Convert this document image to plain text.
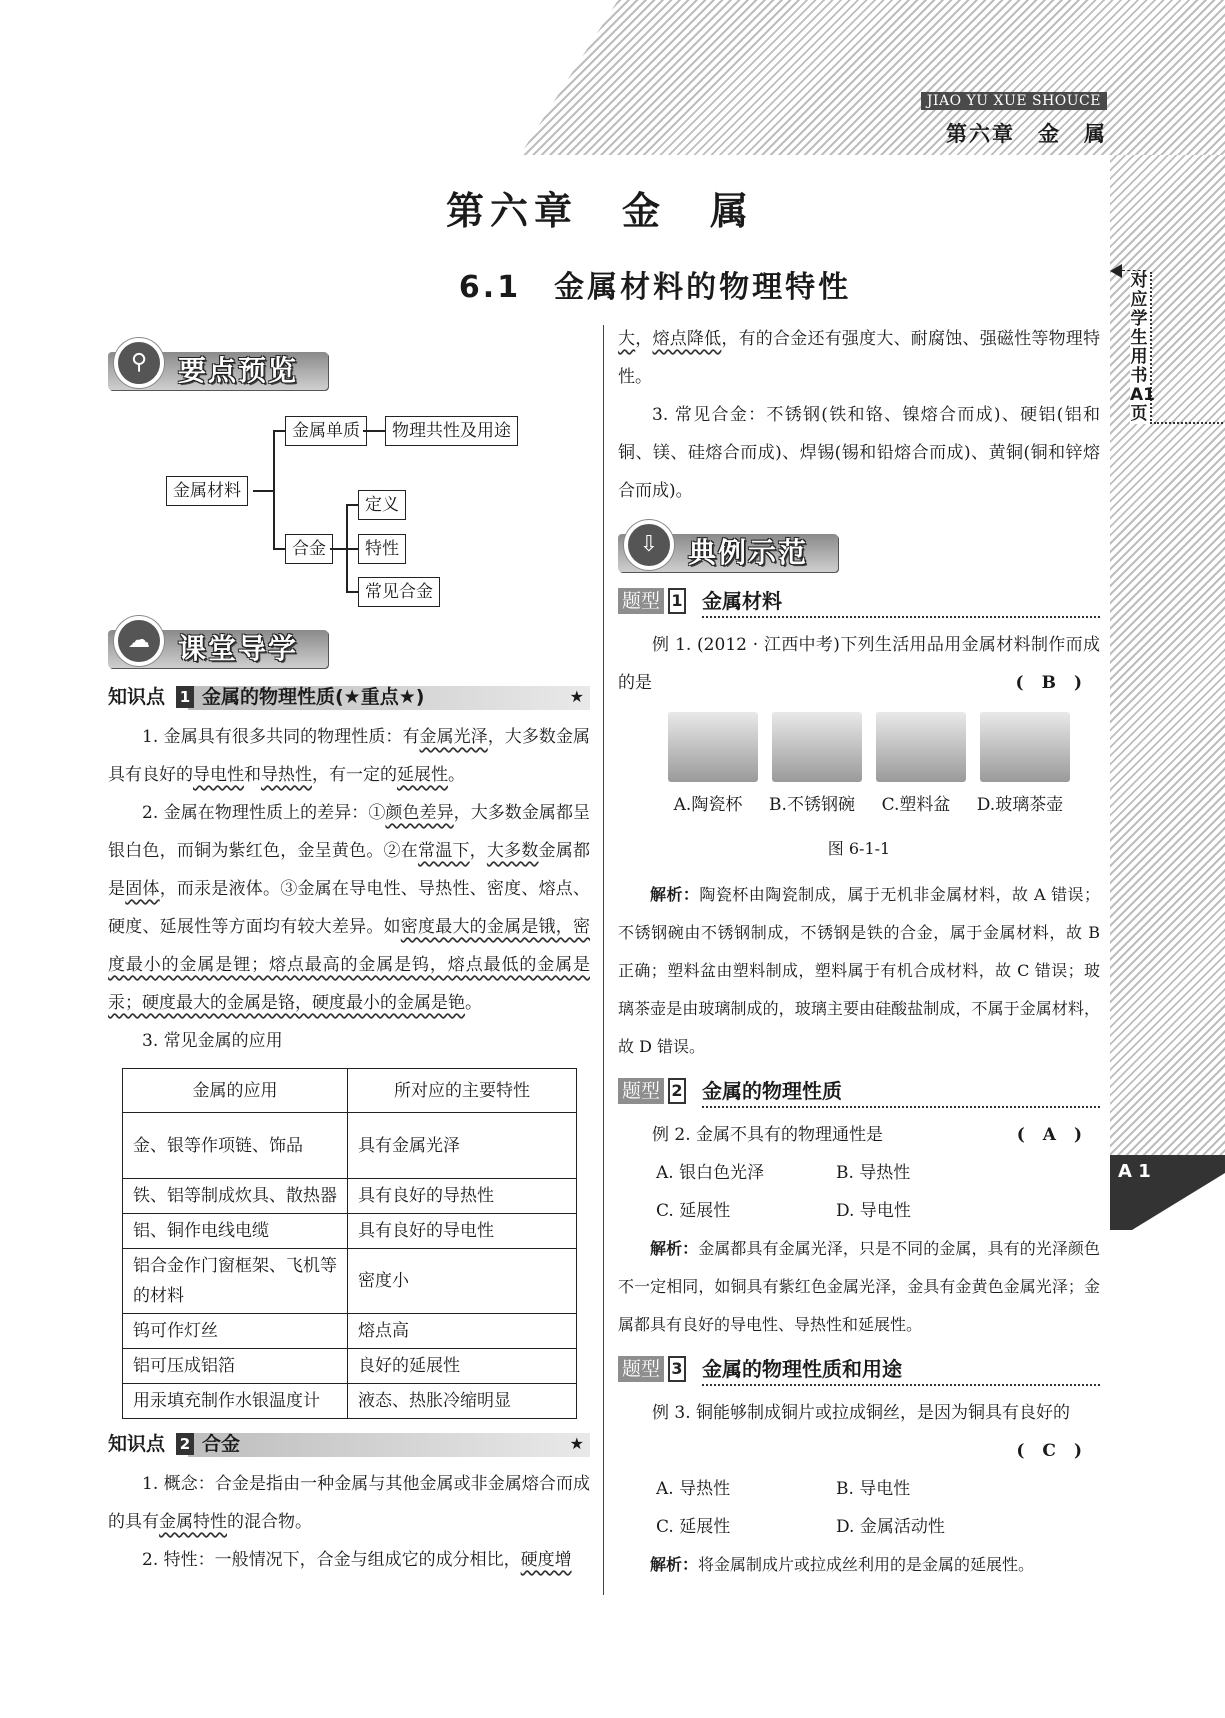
JIAO YU XUE SHOUCE
第六章　金　属
第六章　金　属
6.1　金属材料的物理特性	对应学生用书A1页
A 1
⚲	要点预览
金属材料
金属单质	物理共性及用途
合金
定义
特性
常见合金
☁	课堂导学
知识点 1 金属的物理性质(★重点★)	★

1. 金属具有很多共同的物理性质：有金属光泽，大多数金属具有良好的导电性和导热性，有一定的延展性。

2. 金属在物理性质上的差异：①颜色差异，大多数金属都呈银白色，而铜为紫红色，金呈黄色。②在常温下，大多数金属都是固体，而汞是液体。③金属在导电性、导热性、密度、熔点、硬度、延展性等方面均有较大差异。如密度最大的金属是锇，密度最小的金属是锂；熔点最高的金属是钨，熔点最低的金属是汞；硬度最大的金属是铬，硬度最小的金属是铯。

3. 常见金属的应用

金属的应用	所对应的主要特性
金、银等作项链、饰品	具有金属光泽
铁、铝等制成炊具、散热器	具有良好的导热性
铝、铜作电线电缆	具有良好的导电性
铝合金作门窗框架、飞机等的材料	密度小
钨可作灯丝	熔点高
铝可压成铝箔	良好的延展性
用汞填充制作水银温度计	液态、热胀冷缩明显
知识点 2 合金	★

1. 概念：合金是指由一种金属与其他金属或非金属熔合而成的具有金属特性的混合物。

2. 特性：一般情况下，合金与组成它的成分相比，硬度增

大，熔点降低，有的合金还有强度大、耐腐蚀、强磁性等物理特性。

3. 常见合金：不锈钢(铁和铬、镍熔合而成)、硬铝(铝和铜、镁、硅熔合而成)、焊锡(锡和铅熔合而成)、黄铜(铜和锌熔合而成)。

⇩	典例示范
题型 1 金属材料

例 1. (2012 · 江西中考)下列生活用品用金属材料制作而成的是	(B)

A.陶瓷杯	B.不锈钢碗	C.塑料盆	D.玻璃茶壶
图 6-1-1

解析：陶瓷杯由陶瓷制成，属于无机非金属材料，故 A 错误；不锈钢碗由不锈钢制成，不锈钢是铁的合金，属于金属材料，故 B 正确；塑料盆由塑料制成，塑料属于有机合成材料，故 C 错误；玻璃茶壶是由玻璃制成的，玻璃主要由硅酸盐制成，不属于金属材料，故 D 错误。

题型 2 金属的物理性质

例 2. 金属不具有的物理通性是	(A)

A. 银白色光泽	B. 导热性
C. 延展性	D. 导电性

解析：金属都具有金属光泽，只是不同的金属，具有的光泽颜色不一定相同，如铜具有紫红色金属光泽，金具有金黄色金属光泽；金属都具有良好的导电性、导热性和延展性。

题型 3 金属的物理性质和用途

例 3. 铜能够制成铜片或拉成铜丝，是因为铜具有良好的

(C)

A. 导热性	B. 导电性
C. 延展性	D. 金属活动性

解析：将金属制成片或拉成丝利用的是金属的延展性。
